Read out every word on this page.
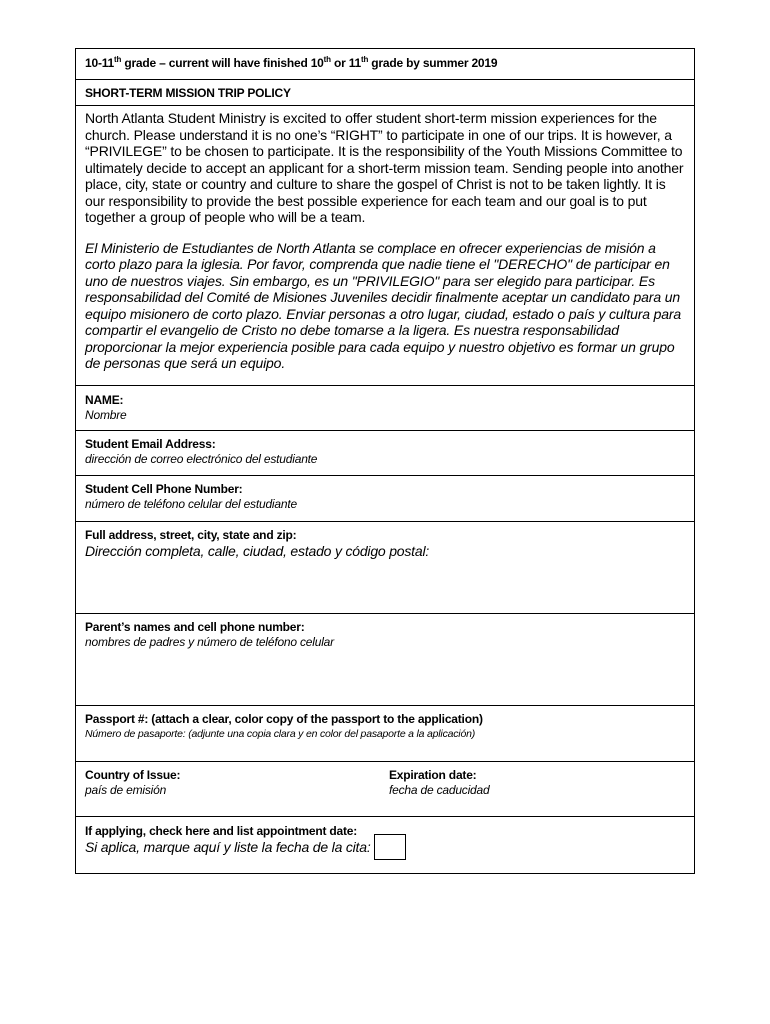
10-11th grade – current will have finished 10th or 11th grade by summer 2019
SHORT-TERM MISSION TRIP POLICY

North Atlanta Student Ministry is excited to offer student short-term mission experiences for the church. Please understand it is no one’s “RIGHT” to participate in one of our trips. It is however, a “PRIVILEGE” to be chosen to participate. It is the responsibility of the Youth Missions Committee to ultimately decide to accept an applicant for a short-term mission team. Sending people into another place, city, state or country and culture to share the gospel of Christ is not to be taken lightly. It is our responsibility to provide the best possible experience for each team and our goal is to put together a group of people who will be a team.

El Ministerio de Estudiantes de North Atlanta se complace en ofrecer experiencias de misión a corto plazo para la iglesia. Por favor, comprenda que nadie tiene el "DERECHO" de participar en uno de nuestros viajes. Sin embargo, es un "PRIVILEGIO" para ser elegido para participar. Es responsabilidad del Comité de Misiones Juveniles decidir finalmente aceptar un candidato para un equipo misionero de corto plazo. Enviar personas a otro lugar, ciudad, estado o país y cultura para compartir el evangelio de Cristo no debe tomarse a la ligera. Es nuestra responsabilidad proporcionar la mejor experiencia posible para cada equipo y nuestro objetivo es formar un grupo de personas que será un equipo.

NAME:
Nombre
Student Email Address:
dirección de correo electrónico del estudiante
Student Cell Phone Number:
número de teléfono celular del estudiante
Full address, street, city, state and zip:
Dirección completa, calle, ciudad, estado y código postal:
Parent’s names and cell phone number:
nombres de padres y número de teléfono celular
Passport #: (attach a clear, color copy of the passport to the application)
Número de pasaporte: (adjunte una copia clara y en color del pasaporte a la aplicación)
Country of Issue:
país de emisión
Expiration date:
fecha de caducidad
If applying, check here and list appointment date:
Si aplica, marque aquí y liste la fecha de la cita:
